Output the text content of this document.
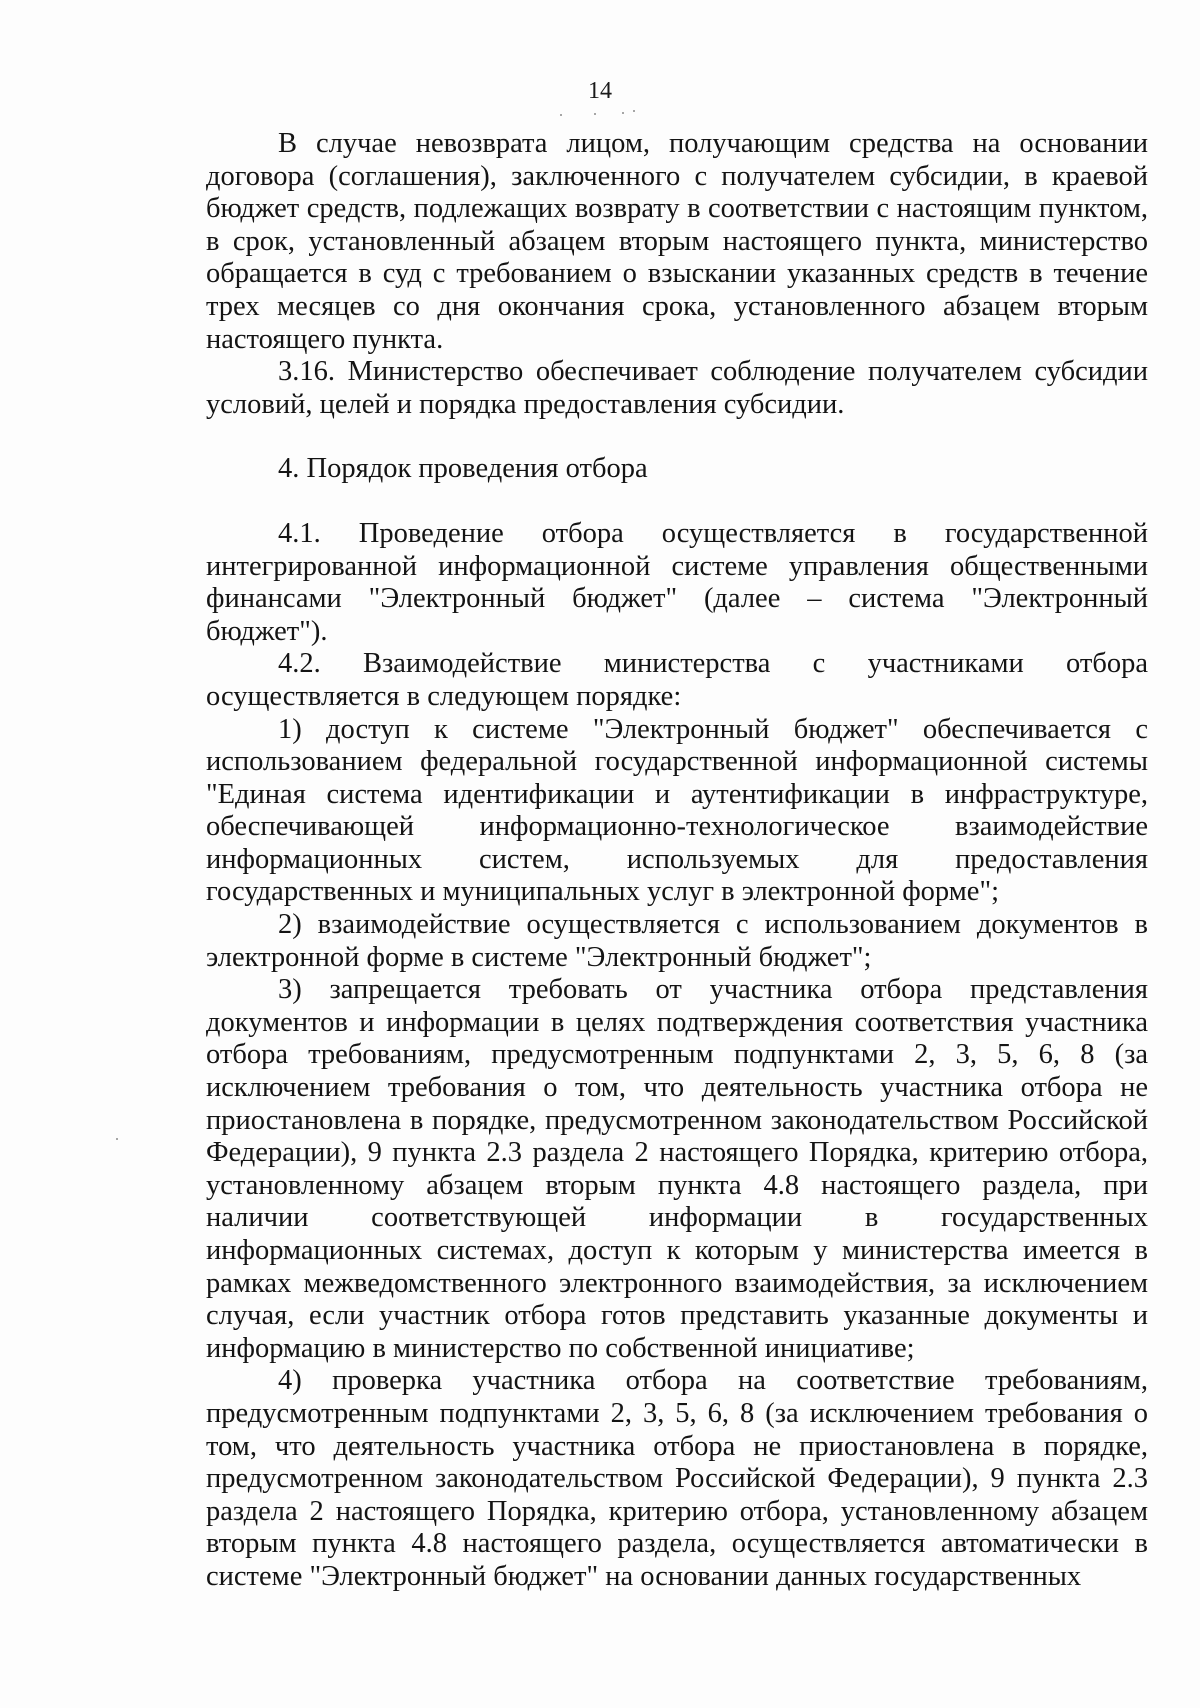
14

В случае невозврата лицом, получающим средства на основании договора (соглашения), заключенного с получателем субсидии, в краевой бюджет средств, подлежащих возврату в соответствии с настоящим пунктом, в срок, установленный абзацем вторым настоящего пункта, министерство обращается в суд с требованием о взыскании указанных средств в течение трех месяцев со дня окончания срока, установленного абзацем вторым настоящего пункта.

3.16. Министерство обеспечивает соблюдение получателем субсидии условий, целей и порядка предоставления субсидии.

4. Порядок проведения отбора

4.1. Проведение отбора осуществляется в государственной интегрированной информационной системе управления общественными финансами "Электронный бюджет" (далее – система "Электронный бюджет").

4.2. Взаимодействие министерства с участниками отбора осуществляется в следующем порядке:

1) доступ к системе "Электронный бюджет" обеспечивается с использованием федеральной государственной информационной системы "Единая система идентификации и аутентификации в инфраструктуре, обеспечивающей информационно-технологическое взаимодействие информационных систем, используемых для предоставления государственных и муниципальных услуг в электронной форме";

2) взаимодействие осуществляется с использованием документов в электронной форме в системе "Электронный бюджет";

3) запрещается требовать от участника отбора представления документов и информации в целях подтверждения соответствия участника отбора требованиям, предусмотренным подпунктами 2, 3, 5, 6, 8 (за исключением требования о том, что деятельность участника отбора не приостановлена в порядке, предусмотренном законодательством Российской Федерации), 9 пункта 2.3 раздела 2 настоящего Порядка, критерию отбора, установленному абзацем вторым пункта 4.8 настоящего раздела, при наличии соответствующей информации в государственных информационных системах, доступ к которым у министерства имеется в рамках межведомственного электронного взаимодействия, за исключением случая, если участник отбора готов представить указанные документы и информацию в министерство по собственной инициативе;

4) проверка участника отбора на соответствие требованиям, предусмотренным подпунктами 2, 3, 5, 6, 8 (за исключением требования о том, что деятельность участника отбора не приостановлена в порядке, предусмотренном законодательством Российской Федерации), 9 пункта 2.3 раздела 2 настоящего Порядка, критерию отбора, установленному абзацем вторым пункта 4.8 настоящего раздела, осуществляется автоматически в системе "Электронный бюджет" на основании данных государственных
